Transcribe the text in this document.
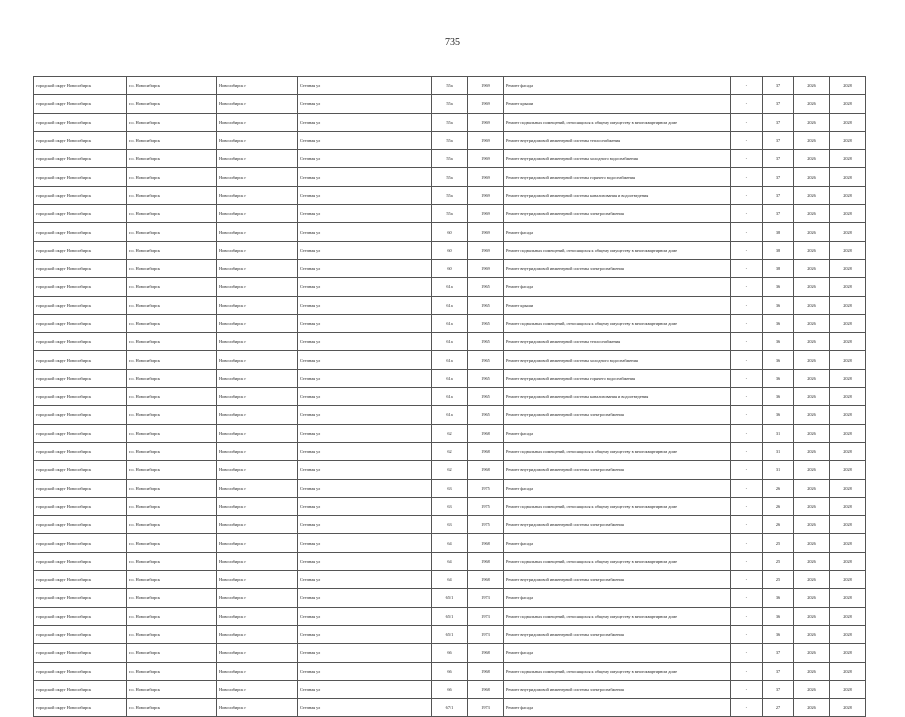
735
городской округ Новосибирск	г.о. Новосибирск	Новосибирск г	Степная ул	55а	1969	Ремонт фасада	-	37	2026	2028
городской округ Новосибирск	г.о. Новосибирск	Новосибирск г	Степная ул	55а	1969	Ремонт крыши	-	37	2026	2028
городской округ Новосибирск	г.о. Новосибирск	Новосибирск г	Степная ул	55а	1969	Ремонт подвальных помещений, относящихся к общему имуществу в многоквартирном доме	-	37	2026	2028
городской округ Новосибирск	г.о. Новосибирск	Новосибирск г	Степная ул	55а	1969	Ремонт внутридомовой инженерной системы теплоснабжения	-	37	2026	2028
городской округ Новосибирск	г.о. Новосибирск	Новосибирск г	Степная ул	55а	1969	Ремонт внутридомовой инженерной системы холодного водоснабжения	-	37	2026	2028
городской округ Новосибирск	г.о. Новосибирск	Новосибирск г	Степная ул	55а	1969	Ремонт внутридомовой инженерной системы горячего водоснабжения	-	37	2026	2028
городской округ Новосибирск	г.о. Новосибирск	Новосибирск г	Степная ул	55а	1969	Ремонт внутридомовой инженерной системы канализования и водоотведения	-	37	2026	2028
городской округ Новосибирск	г.о. Новосибирск	Новосибирск г	Степная ул	55а	1969	Ремонт внутридомовой инженерной системы электроснабжения	-	37	2026	2028
городской округ Новосибирск	г.о. Новосибирск	Новосибирск г	Степная ул	60	1969	Ремонт фасада	-	38	2026	2028
городской округ Новосибирск	г.о. Новосибирск	Новосибирск г	Степная ул	60	1969	Ремонт подвальных помещений, относящихся к общему имуществу в многоквартирном доме	-	38	2026	2028
городской округ Новосибирск	г.о. Новосибирск	Новосибирск г	Степная ул	60	1969	Ремонт внутридомовой инженерной системы электроснабжения	-	38	2026	2028
городской округ Новосибирск	г.о. Новосибирск	Новосибирск г	Степная ул	61а	1965	Ремонт фасада	-	36	2026	2028
городской округ Новосибирск	г.о. Новосибирск	Новосибирск г	Степная ул	61а	1965	Ремонт крыши	-	36	2026	2028
городской округ Новосибирск	г.о. Новосибирск	Новосибирск г	Степная ул	61а	1965	Ремонт подвальных помещений, относящихся к общему имуществу в многоквартирном доме	-	36	2026	2028
городской округ Новосибирск	г.о. Новосибирск	Новосибирск г	Степная ул	61а	1965	Ремонт внутридомовой инженерной системы теплоснабжения	-	36	2026	2028
городской округ Новосибирск	г.о. Новосибирск	Новосибирск г	Степная ул	61а	1965	Ремонт внутридомовой инженерной системы холодного водоснабжения	-	36	2026	2028
городской округ Новосибирск	г.о. Новосибирск	Новосибирск г	Степная ул	61а	1965	Ремонт внутридомовой инженерной системы горячего водоснабжения	-	36	2026	2028
городской округ Новосибирск	г.о. Новосибирск	Новосибирск г	Степная ул	61а	1965	Ремонт внутридомовой инженерной системы канализования и водоотведения	-	36	2026	2028
городской округ Новосибирск	г.о. Новосибирск	Новосибирск г	Степная ул	61а	1965	Ремонт внутридомовой инженерной системы электроснабжения	-	36	2026	2028
городской округ Новосибирск	г.о. Новосибирск	Новосибирск г	Степная ул	62	1968	Ремонт фасада	-	31	2026	2028
городской округ Новосибирск	г.о. Новосибирск	Новосибирск г	Степная ул	62	1968	Ремонт подвальных помещений, относящихся к общему имуществу в многоквартирном доме	-	31	2026	2028
городской округ Новосибирск	г.о. Новосибирск	Новосибирск г	Степная ул	62	1968	Ремонт внутридомовой инженерной системы электроснабжения	-	31	2026	2028
городской округ Новосибирск	г.о. Новосибирск	Новосибирск г	Степная ул	63	1975	Ремонт фасада	-	26	2026	2028
городской округ Новосибирск	г.о. Новосибирск	Новосибирск г	Степная ул	63	1975	Ремонт подвальных помещений, относящихся к общему имуществу в многоквартирном доме	-	26	2026	2028
городской округ Новосибирск	г.о. Новосибирск	Новосибирск г	Степная ул	63	1975	Ремонт внутридомовой инженерной системы электроснабжения	-	26	2026	2028
городской округ Новосибирск	г.о. Новосибирск	Новосибирск г	Степная ул	64	1968	Ремонт фасада	-	25	2026	2028
городской округ Новосибирск	г.о. Новосибирск	Новосибирск г	Степная ул	64	1968	Ремонт подвальных помещений, относящихся к общему имуществу в многоквартирном доме	-	25	2026	2028
городской округ Новосибирск	г.о. Новосибирск	Новосибирск г	Степная ул	64	1968	Ремонт внутридомовой инженерной системы электроснабжения	-	25	2026	2028
городской округ Новосибирск	г.о. Новосибирск	Новосибирск г	Степная ул	65/1	1973	Ремонт фасада	-	36	2026	2028
городской округ Новосибирск	г.о. Новосибирск	Новосибирск г	Степная ул	65/1	1973	Ремонт подвальных помещений, относящихся к общему имуществу в многоквартирном доме	-	36	2026	2028
городской округ Новосибирск	г.о. Новосибирск	Новосибирск г	Степная ул	65/1	1973	Ремонт внутридомовой инженерной системы электроснабжения	-	36	2026	2028
городской округ Новосибирск	г.о. Новосибирск	Новосибирск г	Степная ул	66	1968	Ремонт фасада	-	37	2026	2028
городской округ Новосибирск	г.о. Новосибирск	Новосибирск г	Степная ул	66	1968	Ремонт подвальных помещений, относящихся к общему имуществу в многоквартирном доме	-	37	2026	2028
городской округ Новосибирск	г.о. Новосибирск	Новосибирск г	Степная ул	66	1968	Ремонт внутридомовой инженерной системы электроснабжения	-	37	2026	2028
городской округ Новосибирск	г.о. Новосибирск	Новосибирск г	Степная ул	67/1	1973	Ремонт фасада	-	27	2026	2028
